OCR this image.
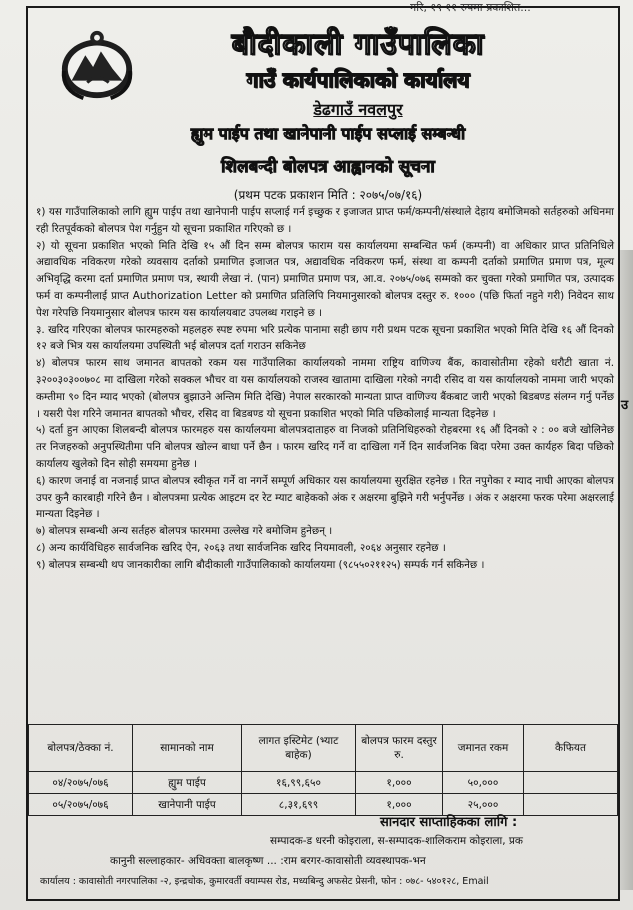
गरि, १९ ११ रुपमा प्रकाशित...
बौदीकाली गाउँपालिका
गाउँ कार्यपालिकाको कार्यालय
डेढगाउँ नवलपुर
ह्युम पाईप तथा खानेपानी पाईप सप्लाई सम्बन्धी
शिलबन्दी बोलपत्र आह्वानको सूचना
(प्रथम पटक प्रकाशन मिति : २०७५/०७/१६)

१) यस गाउँपालिकाको लागि ह्युम पाईप तथा खानेपानी पाईप सप्लाई गर्न इच्छुक र इजाजत प्राप्त फर्म/कम्पनी/संस्थाले देहाय बमोजिमको सर्तहरुको अधिनमा रही रितपूर्वकको बोलपत्र पेश गर्नुहुन यो सूचना प्रकाशित गरिएको छ ।

२) यो सूचना प्रकाशित भएको मिति देखि १५ औं दिन सम्म बोलपत्र फाराम यस कार्यालयमा सम्बन्धित फर्म (कम्पनी) वा अधिकार प्राप्त प्रतिनिधिले अद्यावधिक नविकरण गरेको व्यवसाय दर्ताको प्रमाणित इजाजत पत्र, अद्यावधिक नविकरण फर्म, संस्था वा कम्पनी दर्ताको प्रमाणित प्रमाण पत्र, मूल्य अभिवृद्धि करमा दर्ता प्रमाणित प्रमाण पत्र, स्थायी लेखा नं. (पान) प्रमाणित प्रमाण पत्र, आ.व. २०७५/०७६ सम्मको कर चुक्ता गरेको प्रमाणित पत्र, उत्पादक फर्म वा कम्पनीलाई प्राप्त Authorization Letter को प्रमाणित प्रतिलिपि नियमानुसारको बोलपत्र दस्तुर रु. १००० (पछि फिर्ता नहुने गरी) निवेदन साथ पेश गरेपछि नियमानुसार बोलपत्र फारम यस कार्यालयबाट उपलब्ध गराइने छ ।

३. खरिद गरिएका बोलपत्र फारमहरुको महलहरु स्पष्ट रुपमा भरि प्रत्येक पानामा सही छाप गरी प्रथम पटक सूचना प्रकाशित भएको मिति देखि १६ औं दिनको १२ बजे भित्र यस कार्यालयमा उपस्थिती भई बोलपत्र दर्ता गराउन सकिनेछ

४) बोलपत्र फारम साथ जमानत बापतको रकम यस गाउँपालिका कार्यालयको नाममा राष्ट्रिय वाणिज्य बैंक, कावासोतीमा रहेको धरौटी खाता नं. ३२००३०३००७०८ मा दाखिला गरेको सक्कल भौचर वा यस कार्यालयको राजस्व खातामा दाखिला गरेको नगदी रसिद वा यस कार्यालयको नाममा जारी भएको कम्तीमा ९० दिन म्याद भएको (बोलपत्र बुझाउने अन्तिम मिति देखि) नेपाल सरकारको मान्यता प्राप्त वाणिज्य बैंकबाट जारी भएको बिडबण्ड संलग्न गर्नु पर्नेछ । यसरी पेश गरिने जमानत बापतको भौचर, रसिद वा बिडबण्ड यो सूचना प्रकाशित भएको मिति पछिकोलाई मान्यता दिइनेछ ।

५) दर्ता हुन आएका शिलबन्दी बोलपत्र फारमहरु यस कार्यालयमा बोलपत्रदाताहरु वा निजको प्रतिनिधिहरुको रोहबरमा १६ औं दिनको २ : ०० बजे खोलिनेछ तर निजहरुको अनुपस्थितीमा पनि बोलपत्र खोल्न बाधा पर्ने छैन । फारम खरिद गर्ने वा दाखिला गर्ने दिन सार्वजनिक बिदा परेमा उक्त कार्यहरु बिदा पछिको कार्यालय खुलेको दिन सोही समयमा हुनेछ ।

६) कारण जनाई वा नजनाई प्राप्त बोलपत्र स्वीकृत गर्ने वा नगर्ने सम्पूर्ण अधिकार यस कार्यालयमा सुरक्षित रहनेछ । रित नपुगेका र म्याद नाघी आएका बोलपत्र उपर कुनै कारबाही गरिने छैन । बोलपत्रमा प्रत्येक आइटम दर रेट म्याट बाहेकको अंक र अक्षरमा बुझिने गरी भर्नुपर्नेछ । अंक र अक्षरमा फरक परेमा अक्षरलाई मान्यता दिइनेछ ।

७) बोलपत्र सम्बन्धी अन्य सर्तहरु बोलपत्र फारममा उल्लेख गरे बमोजिम हुनेछन् ।

८) अन्य कार्यविधिहरु सार्वजनिक खरिद ऐन, २०६३ तथा सार्वजनिक खरिद नियमावली, २०६४ अनुसार रहनेछ ।

९) बोलपत्र सम्बन्धी थप जानकारीका लागि बौदीकाली गाउँपालिकाको कार्यालयमा (९८५५०२११२५) सम्पर्क गर्न सकिनेछ ।

बोलपत्र/ठेक्का नं.	सामानको नाम	लागत इस्टिमेट (भ्याट बाहेक)	बोलपत्र फारम दस्तुर रु.	जमानत रकम	कैफियत
०४/२०७५/०७६	ह्युम पाईप	१६,९९,६५०	१,०००	५०,०००	
०५/२०७५/०७६	खानेपानी पाईप	८,३१,६९९	१,०००	२५,०००	
सानदार साप्ताहिकका लागि :
सम्पादक-ड धरनी कोइराला, स-सम्पादक-शालिकराम कोइराला, प्रक
कानुनी सल्लाहकार- अधिवक्ता बालकृष्ण ... :राम बरगर-कावासोती व्यवस्थापक-भन
कार्यालय : कावासोती नगरपालिका -२, इन्द्रचोक, कुमारवर्ती क्याम्पस रोड, मध्यबिन्दु अफसेट प्रेसनी, फोन : ०७८- ५४०१२८, Email
उ
